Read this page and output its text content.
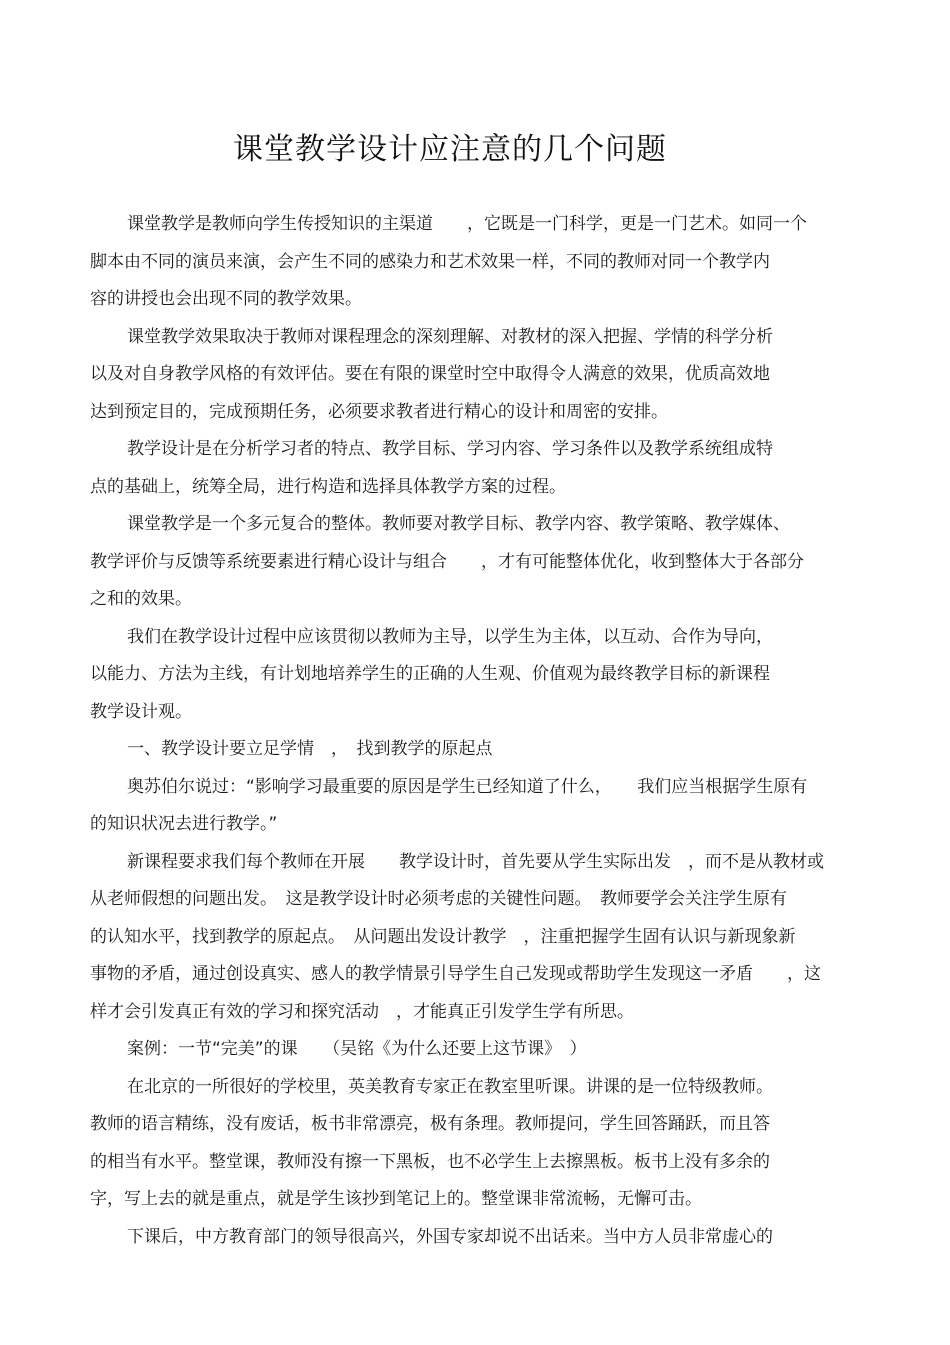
课堂教学设计应注意的几个问题
课堂教学是教师向学生传授知识的主渠道　　，它既是一门科学，更是一门艺术。如同一个
脚本由不同的演员来演，会产生不同的感染力和艺术效果一样，不同的教师对同一个教学内
容的讲授也会出现不同的教学效果。
课堂教学效果取决于教师对课程理念的深刻理解、对教材的深入把握、学情的科学分析
以及对自身教学风格的有效评估。要在有限的课堂时空中取得令人满意的效果，优质高效地
达到预定目的，完成预期任务，必须要求教者进行精心的设计和周密的安排。
教学设计是在分析学习者的特点、教学目标、学习内容、学习条件以及教学系统组成特
点的基础上，统筹全局，进行构造和选择具体教学方案的过程。
课堂教学是一个多元复合的整体。教师要对教学目标、教学内容、教学策略、教学媒体、
教学评价与反馈等系统要素进行精心设计与组合　　，才有可能整体优化，收到整体大于各部分
之和的效果。
我们在教学设计过程中应该贯彻以教师为主导，以学生为主体，以互动、合作为导向，
以能力、方法为主线，有计划地培养学生的正确的人生观、价值观为最终教学目标的新课程
教学设计观。
一、教学设计要立足学情　，　找到教学的原起点
奥苏伯尔说过：“影响学习最重要的原因是学生已经知道了什么，　　我们应当根据学生原有
的知识状况去进行教学。”
新课程要求我们每个教师在开展　　教学设计时，首先要从学生实际出发　，而不是从教材或
从老师假想的问题出发。　这是教学设计时必须考虑的关键性问题。　教师要学会关注学生原有
的认知水平，找到教学的原起点。　从问题出发设计教学　，注重把握学生固有认识与新现象新
事物的矛盾，通过创设真实、感人的教学情景引导学生自己发现或帮助学生发现这一矛盾　　，这
样才会引发真正有效的学习和探究活动　，才能真正引发学生学有所思。
案例：一节“完美”的课　　（吴铭《为什么还要上这节课》　）
在北京的一所很好的学校里，英美教育专家正在教室里听课。讲课的是一位特级教师。
教师的语言精练，没有废话，板书非常漂亮，极有条理。教师提问，学生回答踊跃，而且答
的相当有水平。整堂课，教师没有擦一下黑板，也不必学生上去擦黑板。板书上没有多余的
字，写上去的就是重点，就是学生该抄到笔记上的。整堂课非常流畅，无懈可击。
下课后，中方教育部门的领导很高兴，外国专家却说不出话来。当中方人员非常虚心的
